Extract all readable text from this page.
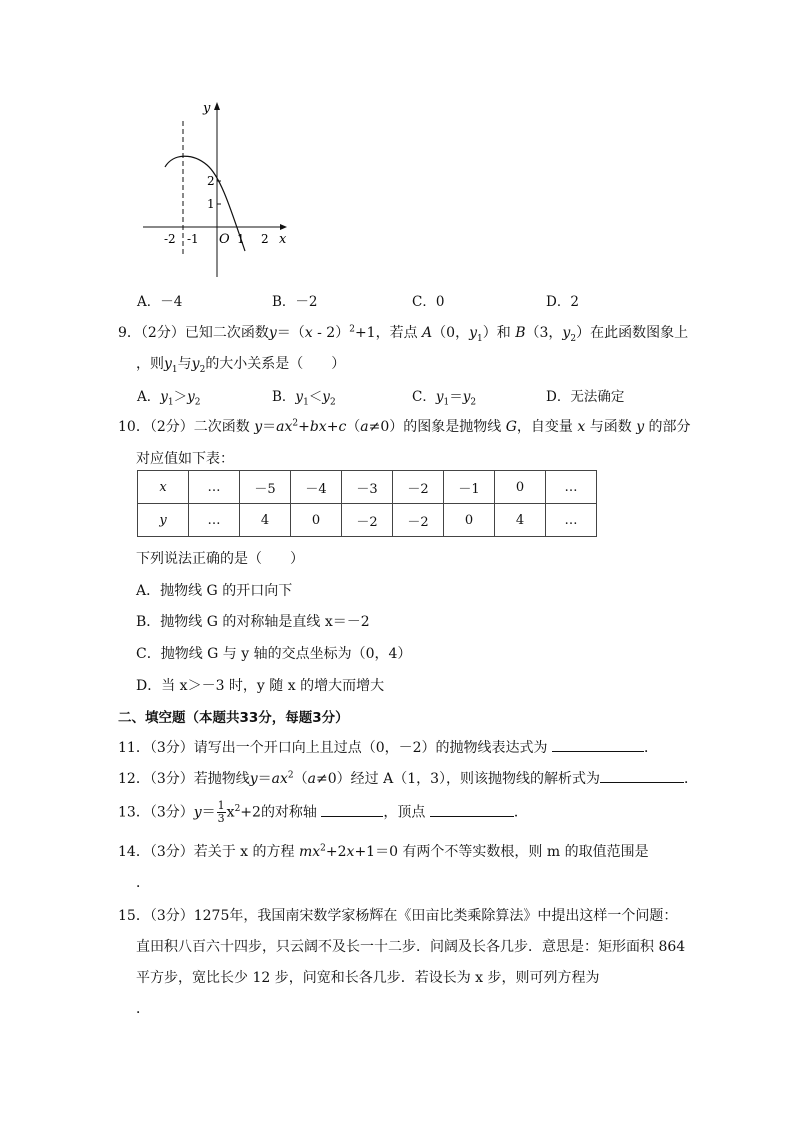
y
x
O
-2 -1	1 2
1
2
A．－4	B．－2	C．0	D．2
9．（2分）已知二次函数y＝（x - 2）$^2$+1，若点 A（0，$y_1$）和 B（3，$y_2$）在此函数图象上
，则$y_1$与$y_2$的大小关系是（　　）
A．$y_1>y_2$	B．$y_1<y_2$	C．$y_1=y_2$	D．无法确定
10．（2分）二次函数 $y=ax^2+bx+c(a\ne 0)$的图象是抛物线 G，自变量 x 与函数 y 的部分
对应值如下表：
x	…	－5	－4	－3	－2	－1	0	…
y	…	4	0	－2	－2	0	4	…
下列说法正确的是（　　）
A．抛物线 G 的开口向下
B．抛物线 G 的对称轴是直线 x＝－2
C．抛物线 G 与 y 轴的交点坐标为（0，4）
D．当 x＞－3 时，y 随 x 的增大而增大
二、填空题（本题共33分，每题3分）
11．（3分）请写出一个开口向上且过点（0，－2）的抛物线表达式为	．
12．（3分）若抛物线$y=ax^2(a\ne 0)$经过 A（1，3），则该抛物线的解析式为	．
13．（3分）$y= \frac{1}{3} x^2+2$的对称轴	，顶点	．
14．（3分）若关于 x 的方程 $mx^2+2x+1=0$ 有两个不等实数根，则 m 的取值范围是
．
15．（3分）1275年，我国南宋数学家杨辉在《田亩比类乘除算法》中提出这样一个问题：
直田积八百六十四步，只云阔不及长一十二步．问阔及长各几步．意思是：矩形面积 864
平方步，宽比长少 12 步，问宽和长各几步．若设长为 x 步，则可列方程为
．
